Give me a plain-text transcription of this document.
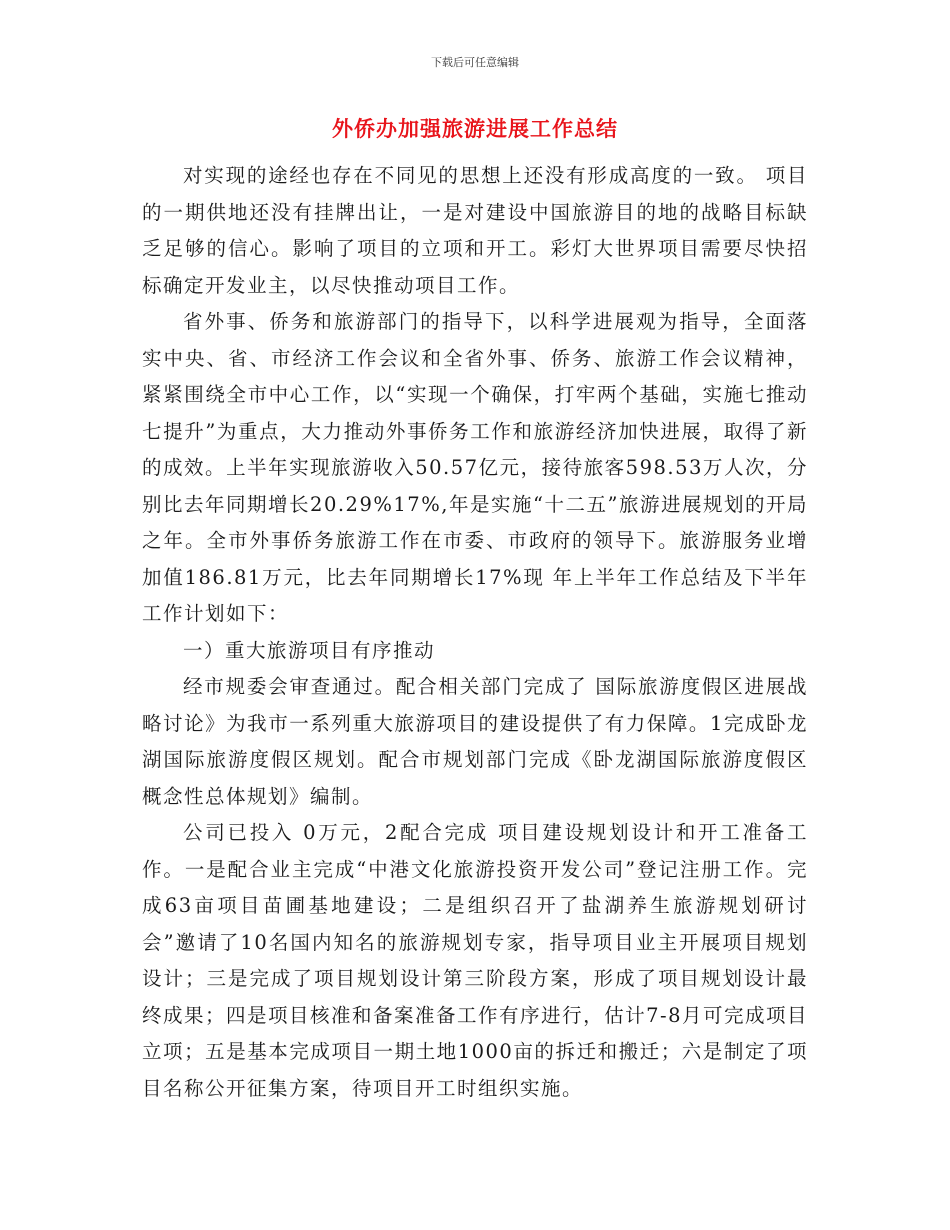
下载后可任意编辑
外侨办加强旅游进展工作总结

对实现的途经也存在不同见的思想上还没有形成高度的一致。 项目的一期供地还没有挂牌出让，一是对建设中国旅游目的地的战略目标缺乏足够的信心。影响了项目的立项和开工。彩灯大世界项目需要尽快招标确定开发业主，以尽快推动项目工作。

省外事、侨务和旅游部门的指导下，以科学进展观为指导，全面落实中央、省、市经济工作会议和全省外事、侨务、旅游工作会议精神，紧紧围绕全市中心工作，以“实现一个确保，打牢两个基础，实施七推动七提升”为重点，大力推动外事侨务工作和旅游经济加快进展，取得了新的成效。上半年实现旅游收入50.57亿元，接待旅客598.53万人次，分别比去年同期增长20.29%17%,年是实施“十二五”旅游进展规划的开局之年。全市外事侨务旅游工作在市委、市政府的领导下。旅游服务业增加值186.81万元，比去年同期增长17%现 年上半年工作总结及下半年工作计划如下：

一）重大旅游项目有序推动

经市规委会审查通过。配合相关部门完成了 国际旅游度假区进展战略讨论》为我市一系列重大旅游项目的建设提供了有力保障。1完成卧龙湖国际旅游度假区规划。配合市规划部门完成《卧龙湖国际旅游度假区概念性总体规划》编制。

公司已投入 0万元，2配合完成 项目建设规划设计和开工准备工作。一是配合业主完成“中港文化旅游投资开发公司”登记注册工作。完成63亩项目苗圃基地建设；二是组织召开了盐湖养生旅游规划研讨会”邀请了10名国内知名的旅游规划专家，指导项目业主开展项目规划设计；三是完成了项目规划设计第三阶段方案，形成了项目规划设计最终成果；四是项目核准和备案准备工作有序进行，估计7-8月可完成项目立项；五是基本完成项目一期土地1000亩的拆迁和搬迁；六是制定了项目名称公开征集方案，待项目开工时组织实施。
